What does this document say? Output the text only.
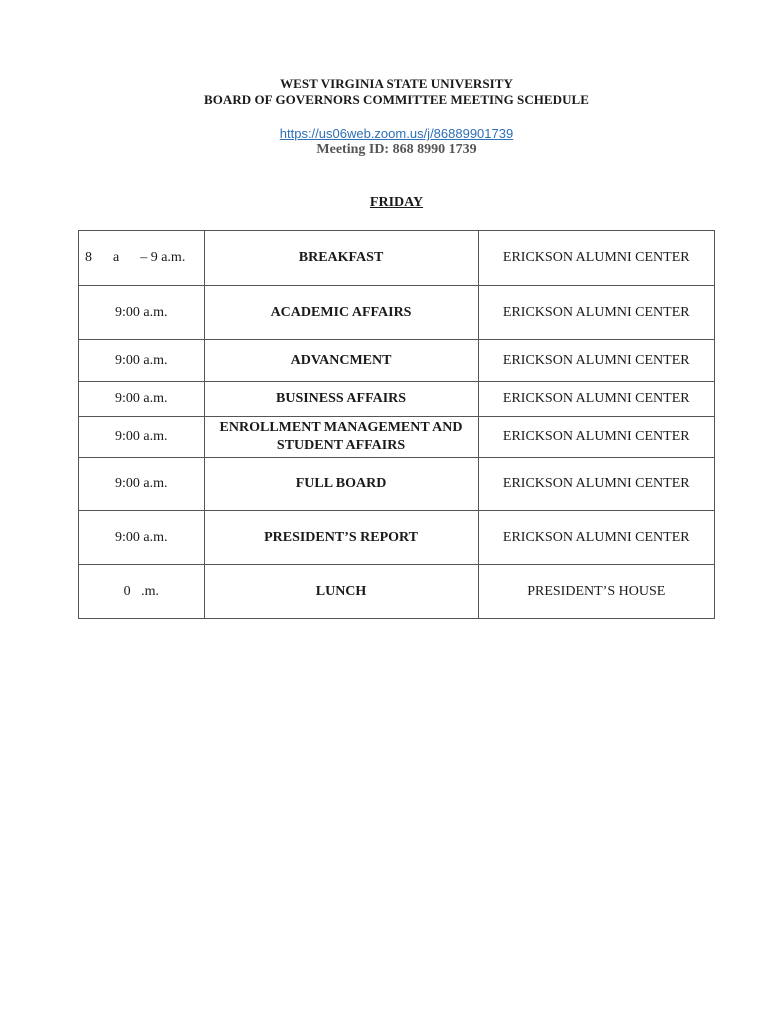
WEST VIRGINIA STATE UNIVERSITY
BOARD OF GOVERNORS COMMITTEE MEETING SCHEDULE
https://us06web.zoom.us/j/86889901739
Meeting ID: 868 8990 1739
FRIDAY
8      a      – 9 a.m.	BREAKFAST	ERICKSON ALUMNI CENTER
9:00 a.m.	ACADEMIC AFFAIRS	ERICKSON ALUMNI CENTER
9:00 a.m.	ADVANCMENT	ERICKSON ALUMNI CENTER
9:00 a.m.	BUSINESS AFFAIRS	ERICKSON ALUMNI CENTER
9:00 a.m.	ENROLLMENT MANAGEMENT AND STUDENT AFFAIRS	ERICKSON ALUMNI CENTER
9:00 a.m.	FULL BOARD	ERICKSON ALUMNI CENTER
9:00 a.m.	PRESIDENT’S REPORT	ERICKSON ALUMNI CENTER
0   .m.	LUNCH	PRESIDENT’S HOUSE
